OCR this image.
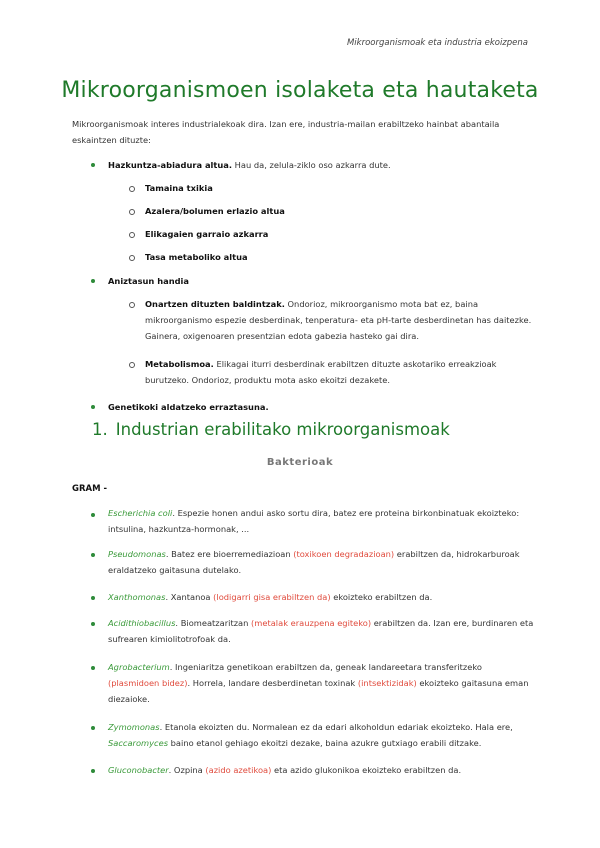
Mikroorganismoak eta industria ekoizpena
Mikroorganismoen isolaketa eta hautaketa
Mikroorganismoak interes industrialekoak dira. Izan ere, industria-mailan erabiltzeko hainbat abantaila eskaintzen dituzte:
Hazkuntza-abiadura altua. Hau da, zelula-ziklo oso azkarra dute.
Tamaina txikia
Azalera/bolumen erlazio altua
Elikagaien garraio azkarra
Tasa metaboliko altua
Aniztasun handia
Onartzen dituzten baldintzak. Ondorioz, mikroorganismo mota bat ez, baina
mikroorganismo espezie desberdinak, tenperatura- eta pH-tarte desberdinetan has daitezke.
Gainera, oxigenoaren presentzian edota gabezia hasteko gai dira.
Metabolismoa. Elikagai iturri desberdinak erabiltzen dituzte askotariko erreakzioak
burutzeko. Ondorioz, produktu mota asko ekoitzi dezakete.
Genetikoki aldatzeko erraztasuna.
1. Industrian erabilitako mikroorganismoak
Bakterioak
GRAM -
Escherichia coli. Espezie honen andui asko sortu dira, batez ere proteina birkonbinatuak ekoizteko:
intsulina, hazkuntza-hormonak, ...
Pseudomonas. Batez ere bioerremediazioan (toxikoen degradazioan) erabiltzen da, hidrokarburoak
eraldatzeko gaitasuna dutelako.
Xanthomonas. Xantanoa (lodigarri gisa erabiltzen da) ekoizteko erabiltzen da.
Acidithiobacillus. Biomeatzaritzan (metalak erauzpena egiteko) erabiltzen da. Izan ere, burdinaren eta
sufrearen kimiolitotrofoak da.
Agrobacterium. Ingeniaritza genetikoan erabiltzen da, geneak landareetara transferitzeko
(plasmidoen bidez). Horrela, landare desberdinetan toxinak (intsektizidak) ekoizteko gaitasuna eman
diezaioke.
Zymomonas. Etanola ekoizten du. Normalean ez da edari alkoholdun edariak ekoizteko. Hala ere,
Saccaromyces baino etanol gehiago ekoitzi dezake, baina azukre gutxiago erabili ditzake.
Gluconobacter. Ozpina (azido azetikoa) eta azido glukonikoa ekoizteko erabiltzen da.
